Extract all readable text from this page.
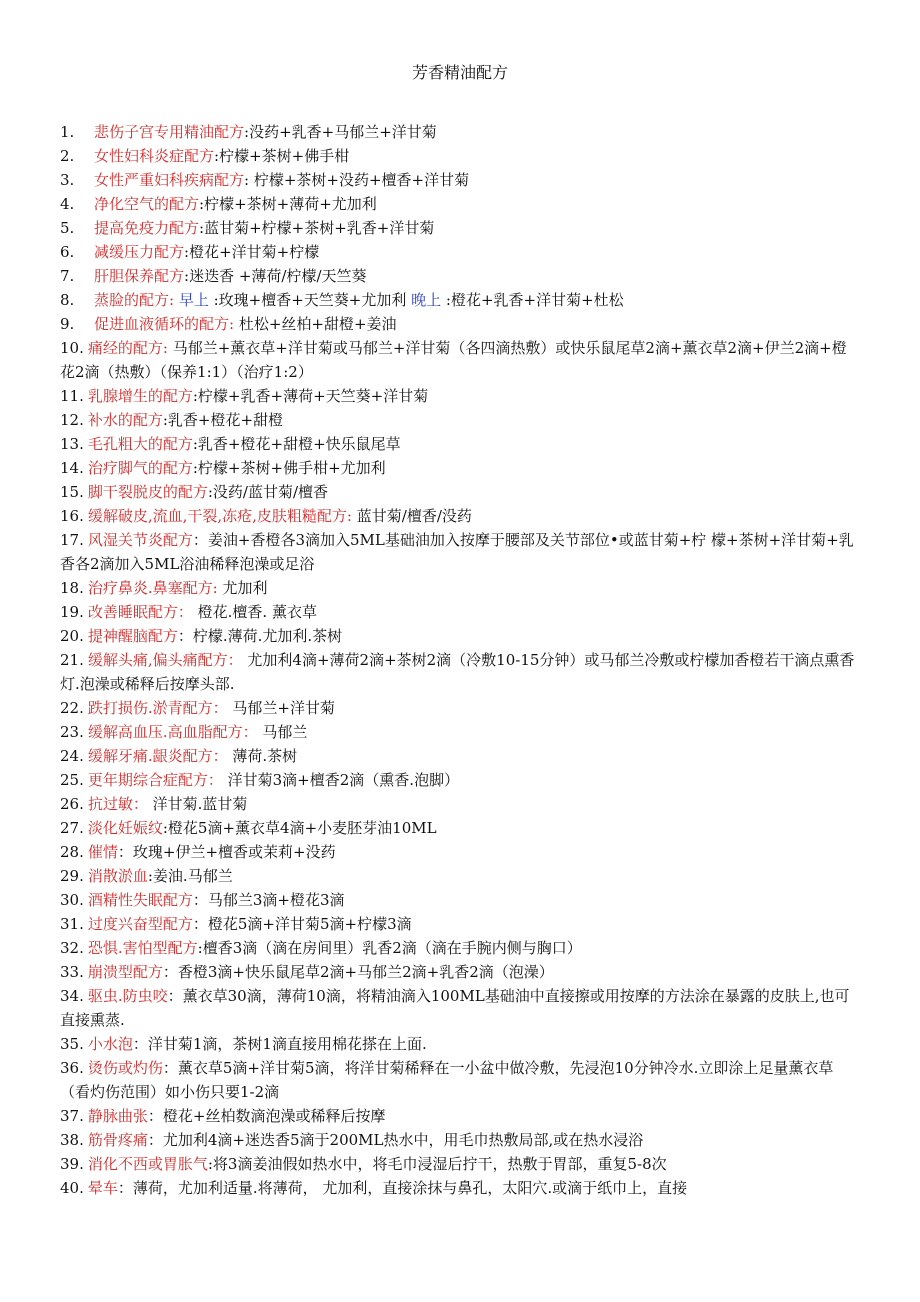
芳香精油配方
1. 悲伤子宫专用精油配方:没药+乳香+马郁兰+洋甘菊
2. 女性妇科炎症配方:柠檬+茶树+佛手柑
3. 女性严重妇科疾病配方: 柠檬+茶树+没药+檀香+洋甘菊
4. 净化空气的配方:柠檬+茶树+薄荷+尤加利
5. 提高免疫力配方:蓝甘菊+柠檬+茶树+乳香+洋甘菊
6. 减缓压力配方:橙花+洋甘菊+柠檬
7. 肝胆保养配方:迷迭香 +薄荷/柠檬/天竺葵
8. 蒸脸的配方: 早上 :玫瑰+檀香+天竺葵+尤加利 晚上 :橙花+乳香+洋甘菊+杜松
9. 促进血液循环的配方: 杜松+丝柏+甜橙+姜油
10. 痛经的配方: 马郁兰+薰衣草+洋甘菊或马郁兰+洋甘菊（各四滴热敷）或快乐鼠尾草2滴+薰衣草2滴+伊兰2滴+橙花2滴（热敷）（保养1:1）（治疗1:2）
11. 乳腺增生的配方:柠檬+乳香+薄荷+天竺葵+洋甘菊
12. 补水的配方:乳香+橙花+甜橙
13. 毛孔粗大的配方:乳香+橙花+甜橙+快乐鼠尾草
14. 治疗脚气的配方:柠檬+茶树+佛手柑+尤加利
15. 脚干裂脱皮的配方:没药/蓝甘菊/檀香
16. 缓解破皮,流血,干裂,冻疮,皮肤粗糙配方: 蓝甘菊/檀香/没药
17. 风湿关节炎配方：姜油+香橙各3滴加入5ML基础油加入按摩于腰部及关节部位•或蓝甘菊+柠 檬+茶树+洋甘菊+乳香各2滴加入5ML浴油稀释泡澡或足浴
18. 治疗鼻炎.鼻塞配方: 尤加利
19. 改善睡眠配方： 橙花.檀香. 薰衣草
20. 提神醒脑配方：柠檬.薄荷.尤加利.茶树
21. 缓解头痛,偏头痛配方： 尤加利4滴+薄荷2滴+茶树2滴（冷敷10-15分钟）或马郁兰冷敷或柠檬加香橙若干滴点熏香灯.泡澡或稀释后按摩头部.
22. 跌打损伤.淤青配方： 马郁兰+洋甘菊
23. 缓解高血压.高血脂配方： 马郁兰
24. 缓解牙痛.龈炎配方： 薄荷.茶树
25. 更年期综合症配方： 洋甘菊3滴+檀香2滴（熏香.泡脚）
26. 抗过敏： 洋甘菊.蓝甘菊
27. 淡化妊娠纹:橙花5滴+薰衣草4滴+小麦胚芽油10ML
28. 催情：玫瑰+伊兰+檀香或茉莉+没药
29. 消散淤血:姜油.马郁兰
30. 酒精性失眠配方：马郁兰3滴+橙花3滴
31. 过度兴奋型配方：橙花5滴+洋甘菊5滴+柠檬3滴
32. 恐惧.害怕型配方:檀香3滴（滴在房间里）乳香2滴（滴在手腕内侧与胸口）
33. 崩溃型配方：香橙3滴+快乐鼠尾草2滴+马郁兰2滴+乳香2滴（泡澡）
34. 驱虫.防虫咬：薰衣草30滴，薄荷10滴，将精油滴入100ML基础油中直接擦或用按摩的方法涂在暴露的皮肤上,也可直接熏蒸.
35. 小水泡：洋甘菊1滴，茶树1滴直接用棉花搽在上面.
36. 烫伤或灼伤：薰衣草5滴+洋甘菊5滴，将洋甘菊稀释在一小盆中做冷敷，先浸泡10分钟冷水.立即涂上足量薰衣草（看灼伤范围）如小伤只要1-2滴
37. 静脉曲张：橙花+丝柏数滴泡澡或稀释后按摩
38. 筋骨疼痛：尤加利4滴+迷迭香5滴于200ML热水中，用毛巾热敷局部,或在热水浸浴
39. 消化不西或胃胀气:将3滴姜油假如热水中，将毛巾浸湿后拧干，热敷于胃部，重复5-8次
40. 晕车：薄荷，尤加利适量.将薄荷， 尤加利，直接涂抹与鼻孔，太阳穴.或滴于纸巾上，直接
